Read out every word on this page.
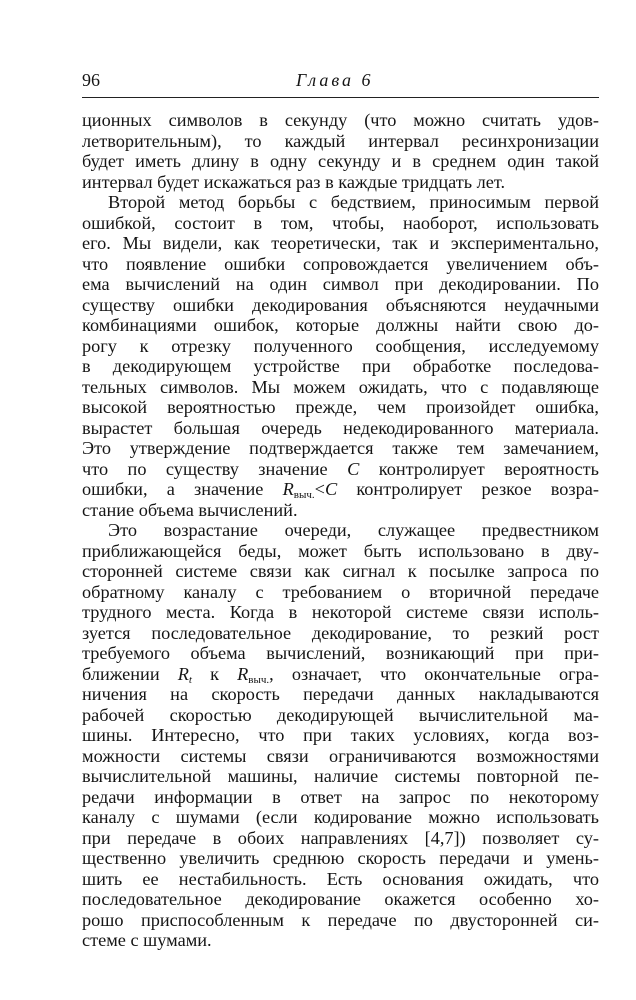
96	Глава 6
ционных символов в секунду (что можно считать удов-
летворительным), то каждый интервал ресинхронизации
будет иметь длину в одну секунду и в среднем один такой
интервал будет искажаться раз в каждые тридцать лет.
Второй метод борьбы с бедствием, приносимым первой
ошибкой, состоит в том, чтобы, наоборот, использовать
его. Мы видели, как теоретически, так и экспериментально,
что появление ошибки сопровождается увеличением объ-
ема вычислений на один символ при декодировании. По
существу ошибки декодирования объясняются неудачными
комбинациями ошибок, которые должны найти свою до-
рогу к отрезку полученного сообщения, исследуемому
в декодирующем устройстве при обработке последова-
тельных символов. Мы можем ожидать, что с подавляюще
высокой вероятностью прежде, чем произойдет ошибка,
вырастет большая очередь недекодированного материала.
Это утверждение подтверждается также тем замечанием,
что по существу значение C контролирует вероятность
ошибки, а значение $R_{выч.}<C$ контролирует резкое возра-
стание объема вычислений.
Это возрастание очереди, служащее предвестником
приближающейся беды, может быть использовано в дву-
сторонней системе связи как сигнал к посылке запроса по
обратному каналу с требованием о вторичной передаче
трудного места. Когда в некоторой системе связи исполь-
зуется последовательное декодирование, то резкий рост
требуемого объема вычислений, возникающий при при-
ближении $R_t$ к $R_{выч.}$, означает, что окончательные огра-
ничения на скорость передачи данных накладываются
рабочей скоростью декодирующей вычислительной ма-
шины. Интересно, что при таких условиях, когда воз-
можности системы связи ограничиваются возможностями
вычислительной машины, наличие системы повторной пе-
редачи информации в ответ на запрос по некоторому
каналу с шумами (если кодирование можно использовать
при передаче в обоих направлениях [4,7]) позволяет су-
щественно увеличить среднюю скорость передачи и умень-
шить ее нестабильность. Есть основания ожидать, что
последовательное декодирование окажется особенно хо-
рошо приспособленным к передаче по двусторонней си-
стеме с шумами.
